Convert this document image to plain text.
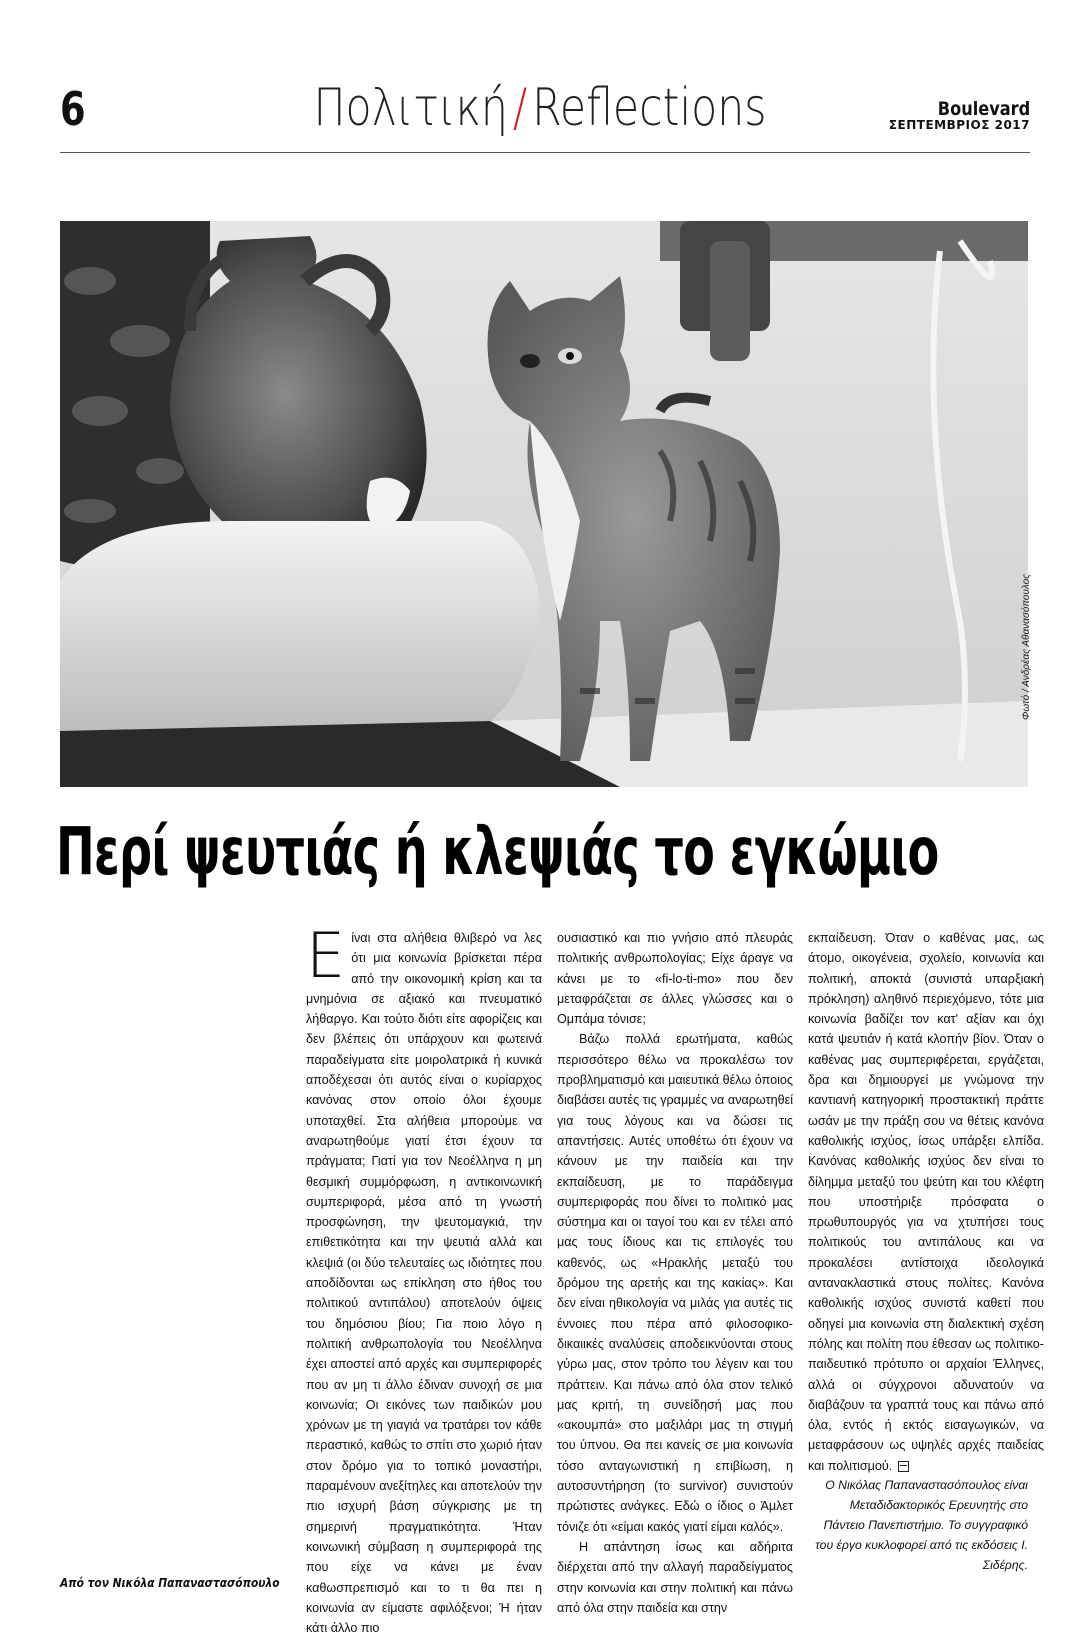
6	Πολιτική/Reflections	Boulevard
ΣΕΠΤΕΜΒΡΙΟΣ 2017
Φωτό / Ανδρέας Αθανασόπουλος
Περί ψευτιάς ή κλεψιάς το εγκώμιο

Είναι στα αλήθεια θλιβερό να λες ότι μια κοινωνία βρίσκεται πέρα από την οικονομική κρίση και τα μνημόνια σε αξιακό και πνευματικό λήθαργο. Και τούτο διότι είτε αφορίζεις και δεν βλέπεις ότι υπάρχουν και φωτεινά παραδείγματα είτε μοιρολατρικά ή κυνικά αποδέχεσαι ότι αυτός είναι ο κυρίαρχος κανόνας στον οποίο όλοι έχουμε υποταχθεί. Στα αλήθεια μπορούμε να αναρωτηθούμε γιατί έτσι έχουν τα πράγματα; Γιατί για τον Νεοέλληνα η μη θεσμική συμμόρφωση, η αντικοινωνική συμπεριφορά, μέσα από τη γνωστή προσφώνηση, την ψευτομαγκιά, την επιθετικότητα και την ψευτιά αλλά και κλεψιά (οι δύο τελευταίες ως ιδιότητες που αποδίδονται ως επίκληση στο ήθος του πολιτικού αντιπάλου) αποτελούν όψεις του δημόσιου βίου; Για ποιο λόγο η πολιτική ανθρωπολογία του Νεοέλληνα έχει αποστεί από αρχές και συμπεριφορές που αν μη τι άλλο έδιναν συνοχή σε μια κοινωνία; Οι εικόνες των παιδικών μου χρόνων με τη γιαγιά να τρατάρει τον κάθε περαστικό, καθώς το σπίτι στο χωριό ήταν στον δρόμο για το τοπικό μοναστήρι, παραμένουν ανεξίτηλες και αποτελούν την πιο ισχυρή βάση σύγκρισης με τη σημερινή πραγματικότητα. Ήταν κοινωνική σύμβαση η συμπεριφορά της που είχε να κάνει με έναν καθωσπρεπισμό και το τι θα πει η κοινωνία αν είμαστε αφιλόξενοι; Ή ήταν κάτι άλλο πιο

ουσιαστικό και πιο γνήσιο από πλευράς πολιτικής ανθρωπολογίας; Είχε άραγε να κάνει με το «fi-lo-ti-mo» που δεν μεταφράζεται σε άλλες γλώσσες και ο Ομπάμα τόνισε;

Βάζω πολλά ερωτήματα, καθώς περισσότερο θέλω να προκαλέσω τον προβληματισμό και μαιευτικά θέλω όποιος διαβάσει αυτές τις γραμμές να αναρωτηθεί για τους λόγους και να δώσει τις απαντήσεις. Αυτές υποθέτω ότι έχουν να κάνουν με την παιδεία και την εκπαίδευση, με το παράδειγμα συμπεριφοράς που δίνει το πολιτικό μας σύστημα και οι ταγοί του και εν τέλει από μας τους ίδιους και τις επιλογές του καθενός, ως «Ηρακλής μεταξύ του δρόμου της αρετής και της κακίας». Και δεν είναι ηθικολογία να μιλάς για αυτές τις έννοιες που πέρα από φιλοσοφικο-δικαιικές αναλύσεις αποδεικνύονται στους γύρω μας, στον τρόπο του λέγειν και του πράττειν. Και πάνω από όλα στον τελικό μας κριτή, τη συνείδησή μας που «ακουμπά» στο μαξιλάρι μας τη στιγμή του ύπνου. Θα πει κανείς σε μια κοινωνία τόσο ανταγωνιστική η επιβίωση, η αυτοσυντήρηση (το survivor) συνιστούν πρώτιστες ανάγκες. Εδώ ο ίδιος ο Άμλετ τόνιζε ότι «είμαι κακός γιατί είμαι καλός».

Η απάντηση ίσως και αδήριτα διέρχεται από την αλλαγή παραδείγματος στην κοινωνία και στην πολιτική και πάνω από όλα στην παιδεία και στην

εκπαίδευση. Όταν ο καθένας μας, ως άτομο, οικογένεια, σχολείο, κοινωνία και πολιτική, αποκτά (συνιστά υπαρξιακή πρόκληση) αληθινό περιεχόμενο, τότε μια κοινωνία βαδίζει τον κατ' αξίαν και όχι κατά ψευτιάν ή κατά κλοπήν βίον. Όταν ο καθένας μας συμπεριφέρεται, εργάζεται, δρα και δημιουργεί με γνώμονα την καντιανή κατηγορική προστακτική πράττε ωσάν με την πράξη σου να θέτεις κανόνα καθολικής ισχύος, ίσως υπάρξει ελπίδα. Κανόνας καθολικής ισχύος δεν είναι το δίλημμα μεταξύ του ψεύτη και του κλέφτη που υποστήριξε πρόσφατα ο πρωθυπουργός για να χτυπήσει τους πολιτικούς του αντιπάλους και να προκαλέσει αντίστοιχα ιδεολογικά αντανακλαστικά στους πολίτες. Κανόνα καθολικής ισχύος συνιστά καθετί που οδηγεί μια κοινωνία στη διαλεκτική σχέση πόλης και πολίτη που έθεσαν ως πολιτικο-παιδευτικό πρότυπο οι αρχαίοι Έλληνες, αλλά οι σύγχρονοι αδυνατούν να διαβάζουν τα γραπτά τους και πάνω από όλα, εντός ή εκτός εισαγωγικών, να μεταφράσουν ως υψηλές αρχές παιδείας και πολιτισμού.

Ο Νικόλας Παπαναστασόπουλος είναι Μεταδιδακτορικός Ερευνητής στο Πάντειο Πανεπιστήμιο. Το συγγραφικό του έργο κυκλοφορεί από τις εκδόσεις Ι. Σιδέρης.
Από τον Νικόλα Παπαναστασόπουλο
